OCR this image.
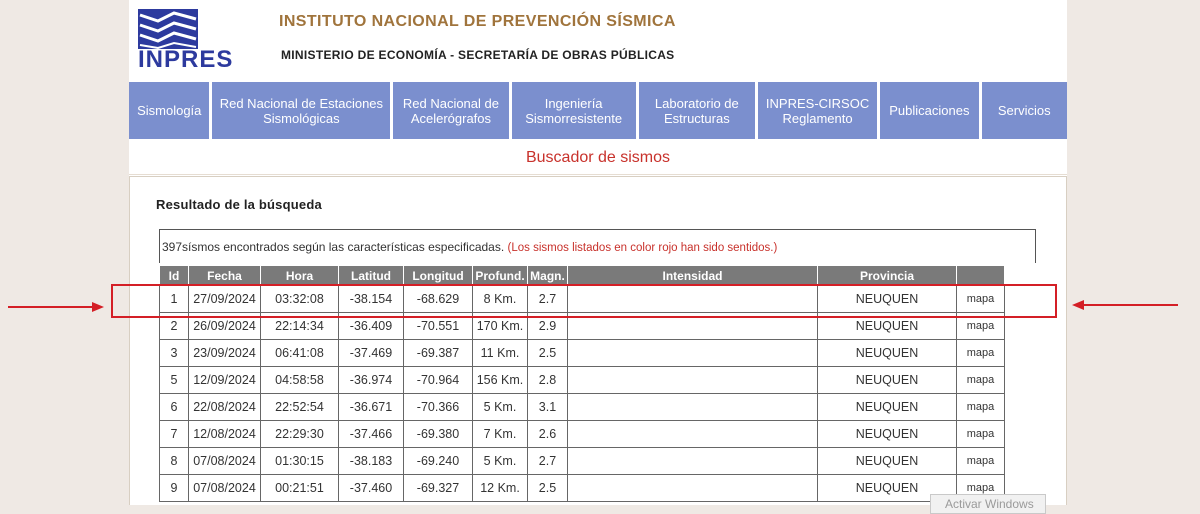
INPRES
INSTITUTO NACIONAL DE PREVENCIÓN SÍSMICA
MINISTERIO DE ECONOMÍA - SECRETARÍA DE OBRAS PÚBLICAS
Sismología Red Nacional de Estaciones
Sismológicas
Red Nacional de
Acelerógrafos
Ingeniería
Sismorresistente
Laboratorio de
Estructuras
INPRES-CIRSOC
Reglamento	Publicaciones Servicios
Buscador de sismos
Resultado de la búsqueda
397sísmos encontrados según las características especificadas. (Los sismos listados en color rojo han sido sentidos.)
Id	Fecha	Hora	Latitud	Longitud	Profund.	Magn.	Intensidad	Provincia	
1	27/09/2024	03:32:08	-38.154	-68.629	8 Km.	2.7		NEUQUEN	mapa
2	26/09/2024	22:14:34	-36.409	-70.551	170 Km.	2.9		NEUQUEN	mapa
3	23/09/2024	06:41:08	-37.469	-69.387	11 Km.	2.5		NEUQUEN	mapa
5	12/09/2024	04:58:58	-36.974	-70.964	156 Km.	2.8		NEUQUEN	mapa
6	22/08/2024	22:52:54	-36.671	-70.366	5 Km.	3.1		NEUQUEN	mapa
7	12/08/2024	22:29:30	-37.466	-69.380	7 Km.	2.6		NEUQUEN	mapa
8	07/08/2024	01:30:15	-38.183	-69.240	5 Km.	2.7		NEUQUEN	mapa
9	07/08/2024	00:21:51	-37.460	-69.327	12 Km.	2.5		NEUQUEN	mapa
Activar Windows
